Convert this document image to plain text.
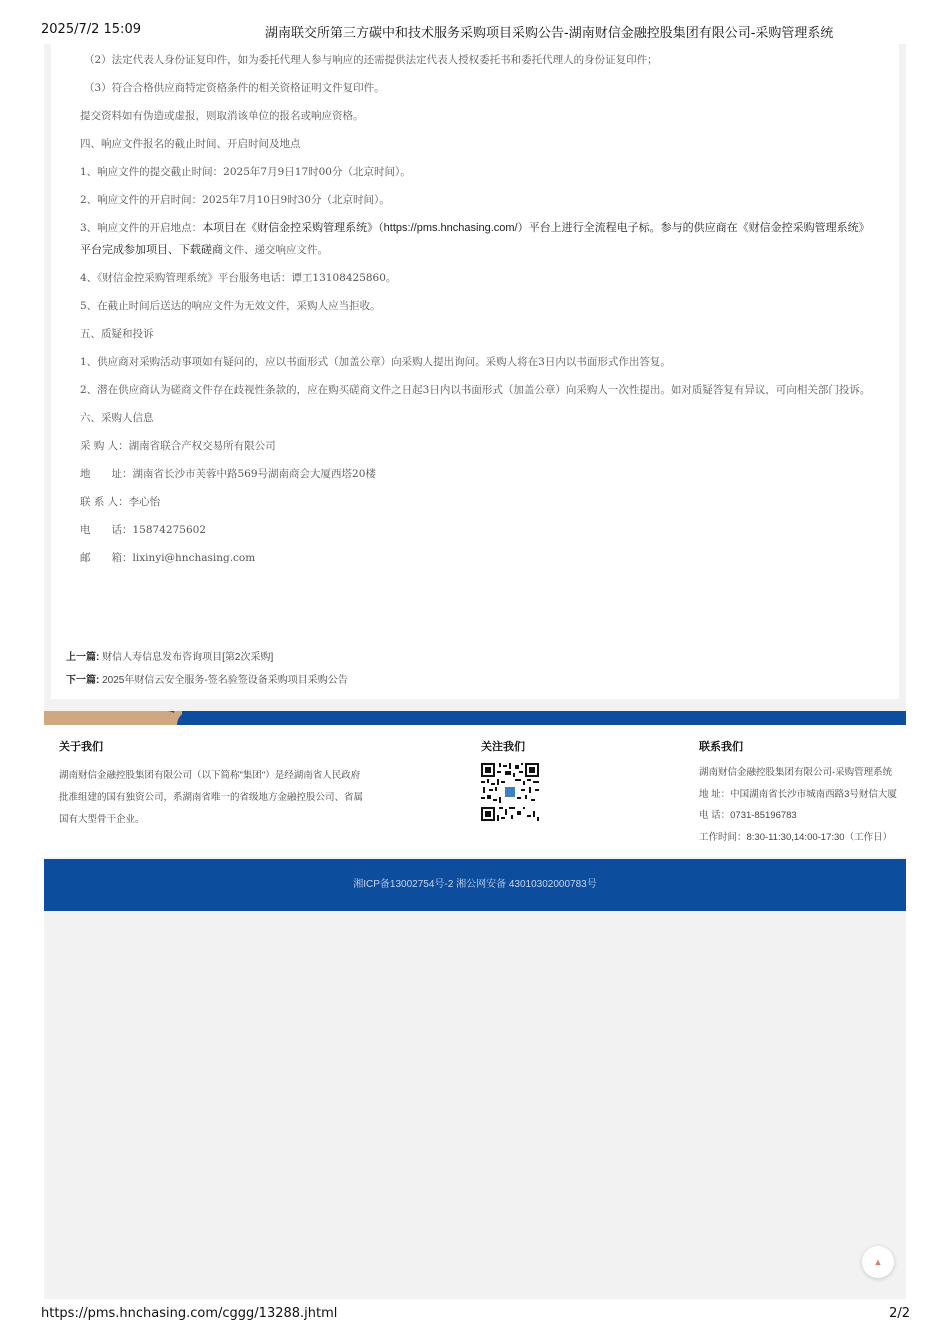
2025/7/2 15:09	湖南联交所第三方碳中和技术服务采购项目采购公告-湖南财信金融控股集团有限公司-采购管理系统

（2）法定代表人身份证复印件，如为委托代理人参与响应的还需提供法定代表人授权委托书和委托代理人的身份证复印件；

（3）符合合格供应商特定资格条件的相关资格证明文件复印件。

提交资料如有伪造或虚报，则取消该单位的报名或响应资格。

四、响应文件报名的截止时间、开启时间及地点

1、响应文件的提交截止时间：2025年7月9日17时00分（北京时间）。

2、响应文件的开启时间：2025年7月10日9时30分（北京时间）。

3、响应文件的开启地点：本项目在《财信金控采购管理系统》（https://pms.hnchasing.com/）平台上进行全流程电子标。参与的供应商在《财信金控采购管理系统》平台完成参加项目、下载磋商文件、递交响应文件。

4、《财信金控采购管理系统》平台服务电话：谭工13108425860。

5、在截止时间后送达的响应文件为无效文件，采购人应当拒收。

五、质疑和投诉

1、供应商对采购活动事项如有疑问的，应以书面形式（加盖公章）向采购人提出询问。采购人将在3日内以书面形式作出答复。

2、潜在供应商认为磋商文件存在歧视性条款的，应在购买磋商文件之日起3日内以书面形式（加盖公章）向采购人一次性提出。如对质疑答复有异议，可向相关部门投诉。

六、采购人信息

采 购 人：湖南省联合产权交易所有限公司

地　　址：湖南省长沙市芙蓉中路569号湖南商会大厦西塔20楼

联 系 人：李心怡

电　　话：15874275602

邮　　箱：lixinyi@hnchasing.com

上一篇: 财信人寿信息发布咨询项目[第2次采购]
下一篇: 2025年财信云安全服务-签名验签设备采购项目采购公告
关于我们
湖南财信金融控股集团有限公司（以下简称"集团"）是经湖南省人民政府批准组建的国有独资公司，系湖南省唯一的省级地方金融控股公司、省属国有大型骨干企业。
关注我们	联系我们
湖南财信金融控股集团有限公司-采购管理系统
地 址：中国湖南省长沙市城南西路3号财信大厦
电 话：0731-85196783
工作时间：8:30-11:30,14:00-17:30（工作日）
湘ICP备13002754号-2 湘公网安备 43010302000783号
▲
https://pms.hnchasing.com/cggg/13288.jhtml	2/2
